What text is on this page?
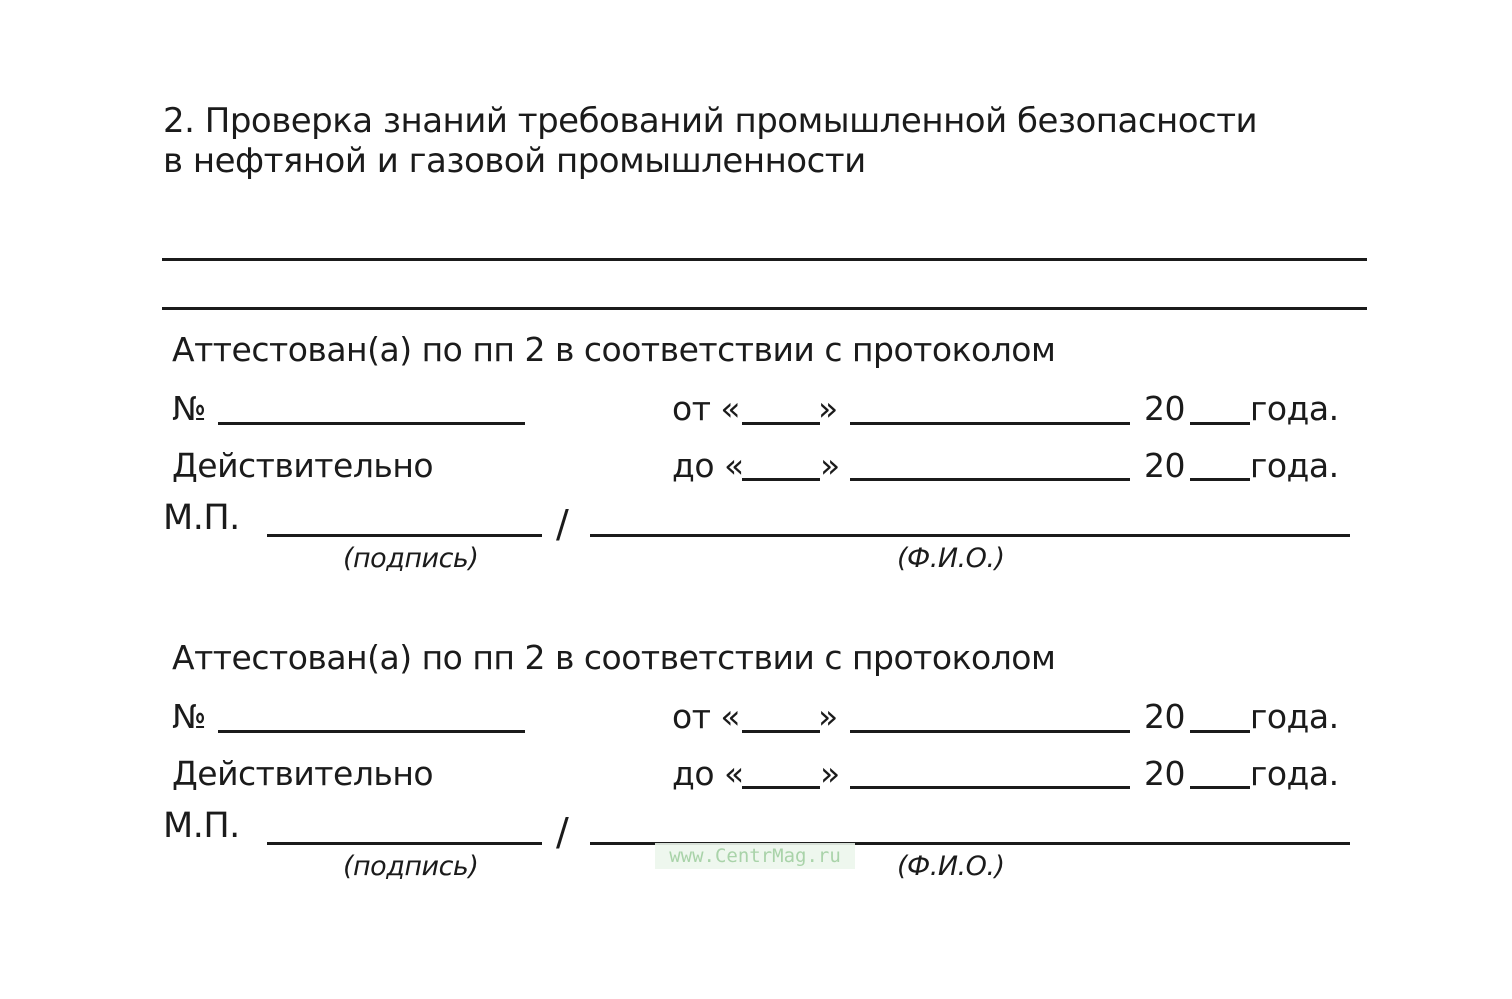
2. Проверка знаний требований промышленной безопасности
в нефтяной и газовой промышленности
Аттестован(а) по пп 2 в соответствии с протоколом
№	от « »	20 года.
Действительно	до « »	20 года.
М.П.	/
(подпись)	(Ф.И.О.)
Аттестован(а) по пп 2 в соответствии с протоколом
№	от « »	20 года.
Действительно	до « »	20 года.
М.П.	/
(подпись)	(Ф.И.О.)
www.CentrMag.ru
